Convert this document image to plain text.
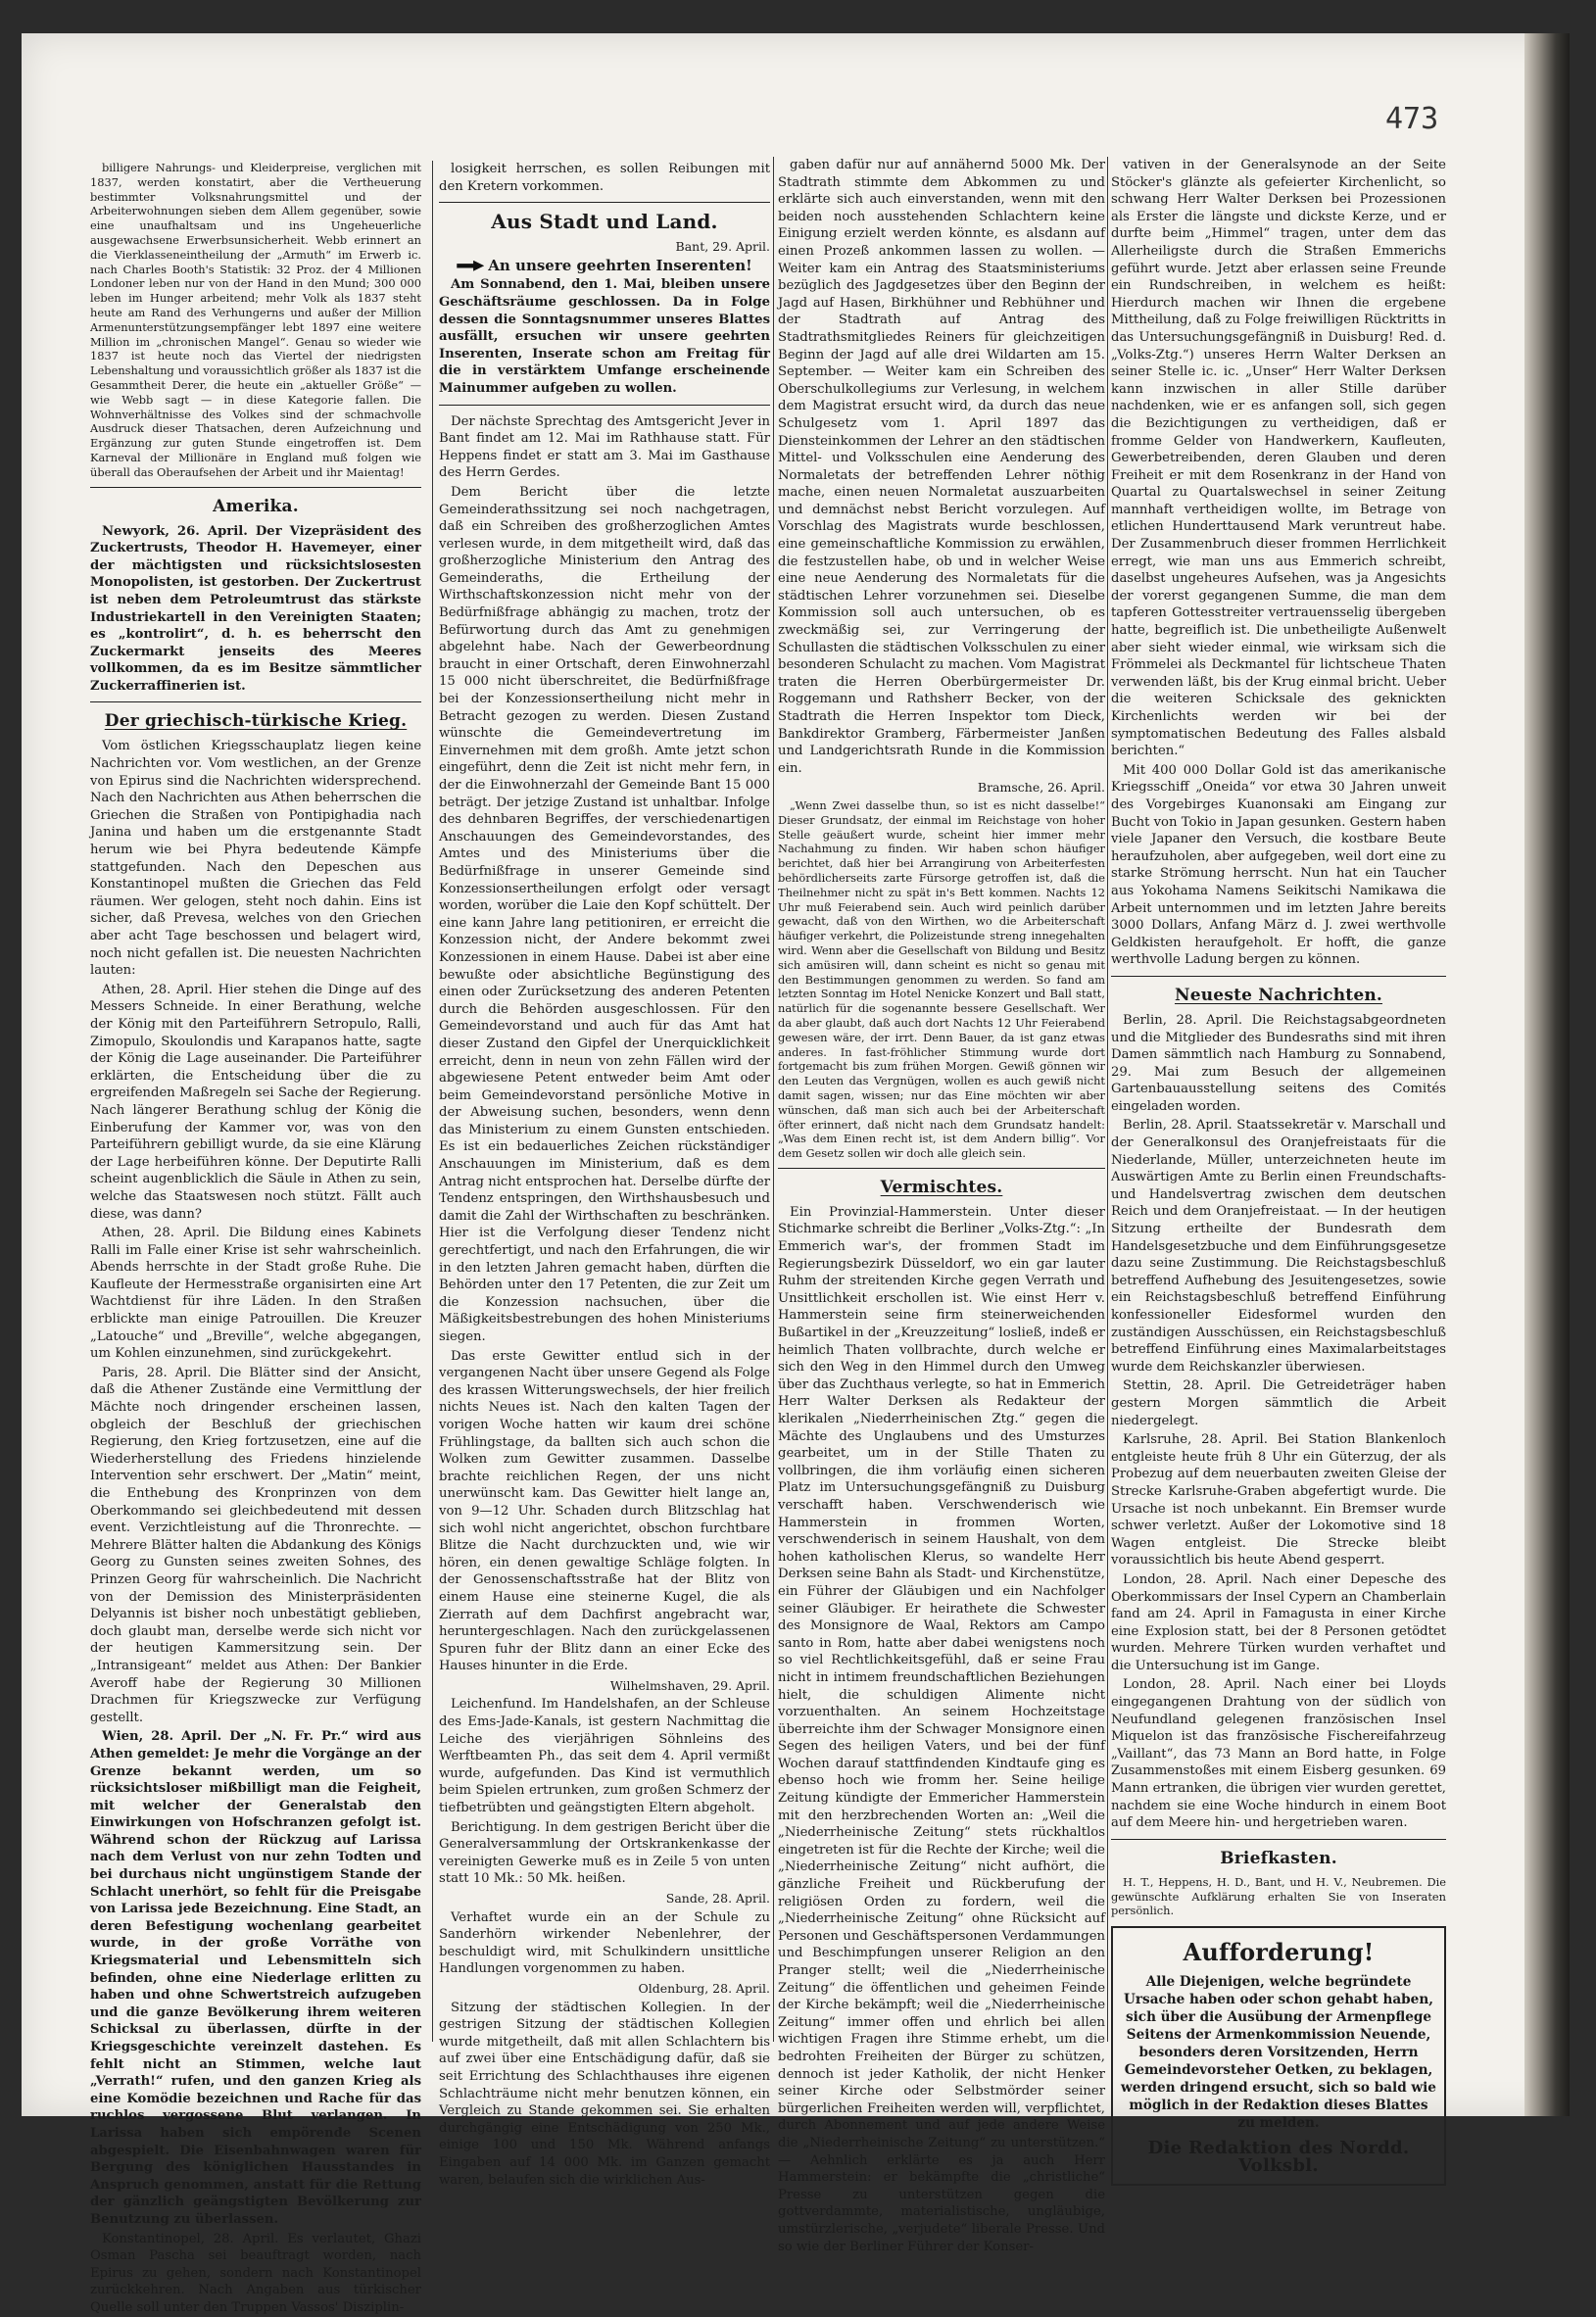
473
billigere Nahrungs- und Kleiderpreise, verglichen mit 1837, werden konstatirt, aber die Vertheuerung bestimmter Volksnahrungsmittel und der Arbeiterwohnungen sieben dem Allem gegenüber, sowie eine unaufhaltsam und ins Ungeheuerliche ausgewachsene Erwerbsunsicherheit. Webb erinnert an die Vierklasseneintheilung der „Armuth“ im Erwerb ic. nach Charles Booth's Statistik: 32 Proz. der 4 Millionen Londoner leben nur von der Hand in den Mund; 300 000 leben im Hunger arbeitend; mehr Volk als 1837 steht heute am Rand des Verhungerns und außer der Million Armenunterstützungsempfänger lebt 1897 eine weitere Million im „chronischen Mangel“. Genau so wieder wie 1837 ist heute noch das Viertel der niedrigsten Lebenshaltung und voraussichtlich größer als 1837 ist die Gesammtheit Derer, die heute ein „aktueller Größe“ — wie Webb sagt — in diese Kategorie fallen. Die Wohnverhältnisse des Volkes sind der schmachvolle Ausdruck dieser Thatsachen, deren Aufzeichnung und Ergänzung zur guten Stunde eingetroffen ist. Dem Karneval der Millionäre in England muß folgen wie überall das Oberaufsehen der Arbeit und ihr Maientag!
Amerika.
Newyork, 26. April. Der Vizepräsident des Zuckertrusts, Theodor H. Havemeyer, einer der mächtigsten und rücksichtslosesten Monopolisten, ist gestorben. Der Zuckertrust ist neben dem Petroleumtrust das stärkste Industriekartell in den Vereinigten Staaten; es „kontrolirt“, d. h. es beherrscht den Zuckermarkt jenseits des Meeres vollkommen, da es im Besitze sämmtlicher Zuckerraffinerien ist.
Der griechisch-türkische Krieg.
Vom östlichen Kriegsschauplatz liegen keine Nachrichten vor. Vom westlichen, an der Grenze von Epirus sind die Nachrichten widersprechend. Nach den Nachrichten aus Athen beherrschen die Griechen die Straßen von Pontipighadia nach Janina und haben um die erstgenannte Stadt herum wie bei Phyra bedeutende Kämpfe stattgefunden. Nach den Depeschen aus Konstantinopel mußten die Griechen das Feld räumen. Wer gelogen, steht noch dahin. Eins ist sicher, daß Prevesa, welches von den Griechen aber acht Tage beschossen und belagert wird, noch nicht gefallen ist. Die neuesten Nachrichten lauten:
Athen, 28. April. Hier stehen die Dinge auf des Messers Schneide. In einer Berathung, welche der König mit den Parteiführern Setropulo, Ralli, Zimopulo, Skoulondis und Karapanos hatte, sagte der König die Lage auseinander. Die Parteiführer erklärten, die Entscheidung über die zu ergreifenden Maßregeln sei Sache der Regierung. Nach längerer Berathung schlug der König die Einberufung der Kammer vor, was von den Parteiführern gebilligt wurde, da sie eine Klärung der Lage herbeiführen könne. Der Deputirte Ralli scheint augenblicklich die Säule in Athen zu sein, welche das Staatswesen noch stützt. Fällt auch diese, was dann?
Athen, 28. April. Die Bildung eines Kabinets Ralli im Falle einer Krise ist sehr wahrscheinlich. Abends herrschte in der Stadt große Ruhe. Die Kaufleute der Hermesstraße organisirten eine Art Wachtdienst für ihre Läden. In den Straßen erblickte man einige Patrouillen. Die Kreuzer „Latouche“ und „Breville“, welche abgegangen, um Kohlen einzunehmen, sind zurückgekehrt.
Paris, 28. April. Die Blätter sind der Ansicht, daß die Athener Zustände eine Vermittlung der Mächte noch dringender erscheinen lassen, obgleich der Beschluß der griechischen Regierung, den Krieg fortzusetzen, eine auf die Wiederherstellung des Friedens hinzielende Intervention sehr erschwert. Der „Matin“ meint, die Enthebung des Kronprinzen von dem Oberkommando sei gleichbedeutend mit dessen event. Verzichtleistung auf die Thronrechte. — Mehrere Blätter halten die Abdankung des Königs Georg zu Gunsten seines zweiten Sohnes, des Prinzen Georg für wahrscheinlich. Die Nachricht von der Demission des Ministerpräsidenten Delyannis ist bisher noch unbestätigt geblieben, doch glaubt man, derselbe werde sich nicht vor der heutigen Kammersitzung sein. Der „Intransigeant“ meldet aus Athen: Der Bankier Averoff habe der Regierung 30 Millionen Drachmen für Kriegszwecke zur Verfügung gestellt.
Wien, 28. April. Der „N. Fr. Pr.“ wird aus Athen gemeldet: Je mehr die Vorgänge an der Grenze bekannt werden, um so rücksichtsloser mißbilligt man die Feigheit, mit welcher der Generalstab den Einwirkungen von Hofschranzen gefolgt ist. Während schon der Rückzug auf Larissa nach dem Verlust von nur zehn Todten und bei durchaus nicht ungünstigem Stande der Schlacht unerhört, so fehlt für die Preisgabe von Larissa jede Bezeichnung. Eine Stadt, an deren Befestigung wochenlang gearbeitet wurde, in der große Vorräthe von Kriegsmaterial und Lebensmitteln sich befinden, ohne eine Niederlage erlitten zu haben und ohne Schwertstreich aufzugeben und die ganze Bevölkerung ihrem weiteren Schicksal zu überlassen, dürfte in der Kriegsgeschichte vereinzelt dastehen. Es fehlt nicht an Stimmen, welche laut „Verrath!“ rufen, und den ganzen Krieg als eine Komödie bezeichnen und Rache für das ruchlos vergossene Blut verlangen. In Larissa haben sich empörende Scenen abgespielt. Die Eisenbahnwagen waren für Bergung des königlichen Hausstandes in Anspruch genommen, anstatt für die Rettung der gänzlich geängstigten Bevölkerung zur Benutzung zu überlassen.
Konstantinopel, 28. April. Es verlautet, Ghazi Osman Pascha sei beauftragt worden, nach Epirus zu gehen, sondern nach Konstantinopel zurückkehren. Nach Angaben aus türkischer Quelle soll unter den Truppen Vassos' Disziplin-
losigkeit herrschen, es sollen Reibungen mit den Kretern vorkommen.
Aus Stadt und Land.
Bant, 29. April.
An unsere geehrten Inserenten!
Am Sonnabend, den 1. Mai, bleiben unsere Geschäftsräume geschlossen. Da in Folge dessen die Sonntagsnummer unseres Blattes ausfällt, ersuchen wir unsere geehrten Inserenten, Inserate schon am Freitag für die in verstärktem Umfange erscheinende Mainummer aufgeben zu wollen.
Der nächste Sprechtag des Amtsgericht Jever in Bant findet am 12. Mai im Rathhause statt. Für Heppens findet er statt am 3. Mai im Gasthause des Herrn Gerdes.
Dem Bericht über die letzte Gemeinderathssitzung sei noch nachgetragen, daß ein Schreiben des großherzoglichen Amtes verlesen wurde, in dem mitgetheilt wird, daß das großherzogliche Ministerium den Antrag des Gemeinderaths, die Ertheilung der Wirthschaftskonzession nicht mehr von der Bedürfnißfrage abhängig zu machen, trotz der Befürwortung durch das Amt zu genehmigen abgelehnt habe. Nach der Gewerbeordnung braucht in einer Ortschaft, deren Einwohnerzahl 15 000 nicht überschreitet, die Bedürfnißfrage bei der Konzessionsertheilung nicht mehr in Betracht gezogen zu werden. Diesen Zustand wünschte die Gemeindevertretung im Einvernehmen mit dem großh. Amte jetzt schon eingeführt, denn die Zeit ist nicht mehr fern, in der die Einwohnerzahl der Gemeinde Bant 15 000 beträgt. Der jetzige Zustand ist unhaltbar. Infolge des dehnbaren Begriffes, der verschiedenartigen Anschauungen des Gemeindevorstandes, des Amtes und des Ministeriums über die Bedürfnißfrage in unserer Gemeinde sind Konzessionsertheilungen erfolgt oder versagt worden, worüber die Laie den Kopf schüttelt. Der eine kann Jahre lang petitioniren, er erreicht die Konzession nicht, der Andere bekommt zwei Konzessionen in einem Hause. Dabei ist aber eine bewußte oder absichtliche Begünstigung des einen oder Zurücksetzung des anderen Petenten durch die Behörden ausgeschlossen. Für den Gemeindevorstand und auch für das Amt hat dieser Zustand den Gipfel der Unerquicklichkeit erreicht, denn in neun von zehn Fällen wird der abgewiesene Petent entweder beim Amt oder beim Gemeindevorstand persönliche Motive in der Abweisung suchen, besonders, wenn denn das Ministerium zu einem Gunsten entschieden. Es ist ein bedauerliches Zeichen rückständiger Anschauungen im Ministerium, daß es dem Antrag nicht entsprochen hat. Derselbe dürfte der Tendenz entspringen, den Wirthshausbesuch und damit die Zahl der Wirthschaften zu beschränken. Hier ist die Verfolgung dieser Tendenz nicht gerechtfertigt, und nach den Erfahrungen, die wir in den letzten Jahren gemacht haben, dürften die Behörden unter den 17 Petenten, die zur Zeit um die Konzession nachsuchen, über die Mäßigkeitsbestrebungen des hohen Ministeriums siegen.
Das erste Gewitter entlud sich in der vergangenen Nacht über unsere Gegend als Folge des krassen Witterungswechsels, der hier freilich nichts Neues ist. Nach den kalten Tagen der vorigen Woche hatten wir kaum drei schöne Frühlingstage, da ballten sich auch schon die Wolken zum Gewitter zusammen. Dasselbe brachte reichlichen Regen, der uns nicht unerwünscht kam. Das Gewitter hielt lange an, von 9—12 Uhr. Schaden durch Blitzschlag hat sich wohl nicht angerichtet, obschon furchtbare Blitze die Nacht durchzuckten und, wie wir hören, ein denen gewaltige Schläge folgten. In der Genossenschaftsstraße hat der Blitz von einem Hause eine steinerne Kugel, die als Zierrath auf dem Dachfirst angebracht war, heruntergeschlagen. Nach den zurückgelassenen Spuren fuhr der Blitz dann an einer Ecke des Hauses hinunter in die Erde.
Wilhelmshaven, 29. April.
Leichenfund. Im Handelshafen, an der Schleuse des Ems-Jade-Kanals, ist gestern Nachmittag die Leiche des vierjährigen Söhnleins des Werftbeamten Ph., das seit dem 4. April vermißt wurde, aufgefunden. Das Kind ist vermuthlich beim Spielen ertrunken, zum großen Schmerz der tiefbetrübten und geängstigten Eltern abgeholt.
Berichtigung. In dem gestrigen Bericht über die Generalversammlung der Ortskrankenkasse der vereinigten Gewerke muß es in Zeile 5 von unten statt 10 Mk.: 50 Mk. heißen.
Sande, 28. April.
Verhaftet wurde ein an der Schule zu Sanderhörn wirkender Nebenlehrer, der beschuldigt wird, mit Schulkindern unsittliche Handlungen vorgenommen zu haben.
Oldenburg, 28. April.
Sitzung der städtischen Kollegien. In der gestrigen Sitzung der städtischen Kollegien wurde mitgetheilt, daß mit allen Schlachtern bis auf zwei über eine Entschädigung dafür, daß sie seit Errichtung des Schlachthauses ihre eigenen Schlachträume nicht mehr benutzen können, ein Vergleich zu Stande gekommen sei. Sie erhalten durchgängig eine Entschädigung von 250 Mk., einige 100 und 150 Mk. Während anfangs Eingaben auf 14 000 Mk. im Ganzen gemacht waren, belaufen sich die wirklichen Aus-
gaben dafür nur auf annähernd 5000 Mk. Der Stadtrath stimmte dem Abkommen zu und erklärte sich auch einverstanden, wenn mit den beiden noch ausstehenden Schlachtern keine Einigung erzielt werden könnte, es alsdann auf einen Prozeß ankommen lassen zu wollen. — Weiter kam ein Antrag des Staatsministeriums bezüglich des Jagdgesetzes über den Beginn der Jagd auf Hasen, Birkhühner und Rebhühner und der Stadtrath auf Antrag des Stadtrathsmitgliedes Reiners für gleichzeitigen Beginn der Jagd auf alle drei Wildarten am 15. September. — Weiter kam ein Schreiben des Oberschulkollegiums zur Verlesung, in welchem dem Magistrat ersucht wird, da durch das neue Schulgesetz vom 1. April 1897 das Diensteinkommen der Lehrer an den städtischen Mittel- und Volksschulen eine Aenderung des Normaletats der betreffenden Lehrer nöthig mache, einen neuen Normaletat auszuarbeiten und demnächst nebst Bericht vorzulegen. Auf Vorschlag des Magistrats wurde beschlossen, eine gemeinschaftliche Kommission zu erwählen, die festzustellen habe, ob und in welcher Weise eine neue Aenderung des Normaletats für die städtischen Lehrer vorzunehmen sei. Dieselbe Kommission soll auch untersuchen, ob es zweckmäßig sei, zur Verringerung der Schullasten die städtischen Volksschulen zu einer besonderen Schulacht zu machen. Vom Magistrat traten die Herren Oberbürgermeister Dr. Roggemann und Rathsherr Becker, von der Stadtrath die Herren Inspektor tom Dieck, Bankdirektor Gramberg, Färbermeister Janßen und Landgerichtsrath Runde in die Kommission ein.
Bramsche, 26. April.
„Wenn Zwei dasselbe thun, so ist es nicht dasselbe!“ Dieser Grundsatz, der einmal im Reichstage von hoher Stelle geäußert wurde, scheint hier immer mehr Nachahmung zu finden. Wir haben schon häufiger berichtet, daß hier bei Arrangirung von Arbeiterfesten behördlicherseits zarte Fürsorge getroffen ist, daß die Theilnehmer nicht zu spät in's Bett kommen. Nachts 12 Uhr muß Feierabend sein. Auch wird peinlich darüber gewacht, daß von den Wirthen, wo die Arbeiterschaft häufiger verkehrt, die Polizeistunde streng innegehalten wird. Wenn aber die Gesellschaft von Bildung und Besitz sich amüsiren will, dann scheint es nicht so genau mit den Bestimmungen genommen zu werden. So fand am letzten Sonntag im Hotel Nenicke Konzert und Ball statt, natürlich für die sogenannte bessere Gesellschaft. Wer da aber glaubt, daß auch dort Nachts 12 Uhr Feierabend gewesen wäre, der irrt. Denn Bauer, da ist ganz etwas anderes. In fast-fröhlicher Stimmung wurde dort fortgemacht bis zum frühen Morgen. Gewiß gönnen wir den Leuten das Vergnügen, wollen es auch gewiß nicht damit sagen, wissen; nur das Eine möchten wir aber wünschen, daß man sich auch bei der Arbeiterschaft öfter erinnert, daß nicht nach dem Grundsatz handelt: „Was dem Einen recht ist, ist dem Andern billig“. Vor dem Gesetz sollen wir doch alle gleich sein.
Vermischtes.
Ein Provinzial-Hammerstein. Unter dieser Stichmarke schreibt die Berliner „Volks-Ztg.“: „In Emmerich war's, der frommen Stadt im Regierungsbezirk Düsseldorf, wo ein gar lauter Ruhm der streitenden Kirche gegen Verrath und Unsittlichkeit erschollen ist. Wie einst Herr v. Hammerstein seine firm steinerweichenden Bußartikel in der „Kreuzzeitung“ losließ, indeß er heimlich Thaten vollbrachte, durch welche er sich den Weg in den Himmel durch den Umweg über das Zuchthaus verlegte, so hat in Emmerich Herr Walter Derksen als Redakteur der klerikalen „Niederrheinischen Ztg.“ gegen die Mächte des Unglaubens und des Umsturzes gearbeitet, um in der Stille Thaten zu vollbringen, die ihm vorläufig einen sicheren Platz im Untersuchungsgefängniß zu Duisburg verschafft haben. Verschwenderisch wie Hammerstein in frommen Worten, verschwenderisch in seinem Haushalt, von dem hohen katholischen Klerus, so wandelte Herr Derksen seine Bahn als Stadt- und Kirchenstütze, ein Führer der Gläubigen und ein Nachfolger seiner Gläubiger. Er heirathete die Schwester des Monsignore de Waal, Rektors am Campo santo in Rom, hatte aber dabei wenigstens noch so viel Rechtlichkeitsgefühl, daß er seine Frau nicht in intimem freundschaftlichen Beziehungen hielt, die schuldigen Alimente nicht vorzuenthalten. An seinem Hochzeitstage überreichte ihm der Schwager Monsignore einen Segen des heiligen Vaters, und bei der fünf Wochen darauf stattfindenden Kindtaufe ging es ebenso hoch wie fromm her. Seine heilige Zeitung kündigte der Emmericher Hammerstein mit den herzbrechenden Worten an: „Weil die „Niederrheinische Zeitung“ stets rückhaltlos eingetreten ist für die Rechte der Kirche; weil die „Niederrheinische Zeitung“ nicht aufhört, die gänzliche Freiheit und Rückberufung der religiösen Orden zu fordern, weil die „Niederrheinische Zeitung“ ohne Rücksicht auf Personen und Geschäftspersonen Verdammungen und Beschimpfungen unserer Religion an den Pranger stellt; weil die „Niederrheinische Zeitung“ die öffentlichen und geheimen Feinde der Kirche bekämpft; weil die „Niederrheinische Zeitung“ immer offen und ehrlich bei allen wichtigen Fragen ihre Stimme erhebt, um die bedrohten Freiheiten der Bürger zu schützen, dennoch ist jeder Katholik, der nicht Henker seiner Kirche oder Selbstmörder seiner bürgerlichen Freiheiten werden will, verpflichtet, durch Abonnement und auf jede andere Weise die „Niederrheinische Zeitung“ zu unterstützen.“ — Aehnlich erklärte es ja auch Herr Hammerstein: er bekämpfte die „christliche“ Presse zu unterstützen gegen die gottverdammte, materialistische, ungläubige, umstürzlerische, „verjudete“ liberale Presse. Und so wie der Berliner Führer der Konser-
vativen in der Generalsynode an der Seite Stöcker's glänzte als gefeierter Kirchenlicht, so schwang Herr Walter Derksen bei Prozessionen als Erster die längste und dickste Kerze, und er durfte beim „Himmel“ tragen, unter dem das Allerheiligste durch die Straßen Emmerichs geführt wurde. Jetzt aber erlassen seine Freunde ein Rundschreiben, in welchem es heißt: Hierdurch machen wir Ihnen die ergebene Mittheilung, daß zu Folge freiwilligen Rücktritts in das Untersuchungsgefängniß in Duisburg! Red. d. „Volks-Ztg.“) unseres Herrn Walter Derksen an seiner Stelle ic. ic. „Unser“ Herr Walter Derksen kann inzwischen in aller Stille darüber nachdenken, wie er es anfangen soll, sich gegen die Bezichtigungen zu vertheidigen, daß er fromme Gelder von Handwerkern, Kaufleuten, Gewerbetreibenden, deren Glauben und deren Freiheit er mit dem Rosenkranz in der Hand von Quartal zu Quartalswechsel in seiner Zeitung mannhaft vertheidigen wollte, im Betrage von etlichen Hunderttausend Mark veruntreut habe. Der Zusammenbruch dieser frommen Herrlichkeit erregt, wie man uns aus Emmerich schreibt, daselbst ungeheures Aufsehen, was ja Angesichts der vorerst gegangenen Summe, die man dem tapferen Gottesstreiter vertrauensselig übergeben hatte, begreiflich ist. Die unbetheiligte Außenwelt aber sieht wieder einmal, wie wirksam sich die Frömmelei als Deckmantel für lichtscheue Thaten verwenden läßt, bis der Krug einmal bricht. Ueber die weiteren Schicksale des geknickten Kirchenlichts werden wir bei der symptomatischen Bedeutung des Falles alsbald berichten.“
Mit 400 000 Dollar Gold ist das amerikanische Kriegsschiff „Oneida“ vor etwa 30 Jahren unweit des Vorgebirges Kuanonsaki am Eingang zur Bucht von Tokio in Japan gesunken. Gestern haben viele Japaner den Versuch, die kostbare Beute heraufzuholen, aber aufgegeben, weil dort eine zu starke Strömung herrscht. Nun hat ein Taucher aus Yokohama Namens Seikitschi Namikawa die Arbeit unternommen und im letzten Jahre bereits 3000 Dollars, Anfang März d. J. zwei werthvolle Geldkisten heraufgeholt. Er hofft, die ganze werthvolle Ladung bergen zu können.
Neueste Nachrichten.
Berlin, 28. April. Die Reichstagsabgeordneten und die Mitglieder des Bundesraths sind mit ihren Damen sämmtlich nach Hamburg zu Sonnabend, 29. Mai zum Besuch der allgemeinen Gartenbauausstellung seitens des Comités eingeladen worden.
Berlin, 28. April. Staatssekretär v. Marschall und der Generalkonsul des Oranjefreistaats für die Niederlande, Müller, unterzeichneten heute im Auswärtigen Amte zu Berlin einen Freundschafts- und Handelsvertrag zwischen dem deutschen Reich und dem Oranjefreistaat. — In der heutigen Sitzung ertheilte der Bundesrath dem Handelsgesetzbuche und dem Einführungsgesetze dazu seine Zustimmung. Die Reichstagsbeschluß betreffend Aufhebung des Jesuitengesetzes, sowie ein Reichstagsbeschluß betreffend Einführung konfessioneller Eidesformel wurden den zuständigen Ausschüssen, ein Reichstagsbeschluß betreffend Einführung eines Maximalarbeitstages wurde dem Reichskanzler überwiesen.
Stettin, 28. April. Die Getreideträger haben gestern Morgen sämmtlich die Arbeit niedergelegt.
Karlsruhe, 28. April. Bei Station Blankenloch entgleiste heute früh 8 Uhr ein Güterzug, der als Probezug auf dem neuerbauten zweiten Gleise der Strecke Karlsruhe-Graben abgefertigt wurde. Die Ursache ist noch unbekannt. Ein Bremser wurde schwer verletzt. Außer der Lokomotive sind 18 Wagen entgleist. Die Strecke bleibt voraussichtlich bis heute Abend gesperrt.
London, 28. April. Nach einer Depesche des Oberkommissars der Insel Cypern an Chamberlain fand am 24. April in Famagusta in einer Kirche eine Explosion statt, bei der 8 Personen getödtet wurden. Mehrere Türken wurden verhaftet und die Untersuchung ist im Gange.
London, 28. April. Nach einer bei Lloyds eingegangenen Drahtung von der südlich von Neufundland gelegenen französischen Insel Miquelon ist das französische Fischereifahrzeug „Vaillant“, das 73 Mann an Bord hatte, in Folge Zusammenstoßes mit einem Eisberg gesunken. 69 Mann ertranken, die übrigen vier wurden gerettet, nachdem sie eine Woche hindurch in einem Boot auf dem Meere hin- und hergetrieben waren.
Briefkasten.
H. T., Heppens, H. D., Bant, und H. V., Neubremen. Die gewünschte Aufklärung erhalten Sie von Inseraten persönlich.
Aufforderung!
Alle Diejenigen, welche begründete Ursache haben oder schon gehabt haben, sich über die Ausübung der Armenpflege Seitens der Armenkommission Neuende, besonders deren Vorsitzenden, Herrn Gemeindevorsteher Oetken, zu beklagen, werden dringend ersucht, sich so bald wie möglich in der Redaktion dieses Blattes zu melden.
Die Redaktion des Nordd. Volksbl.
